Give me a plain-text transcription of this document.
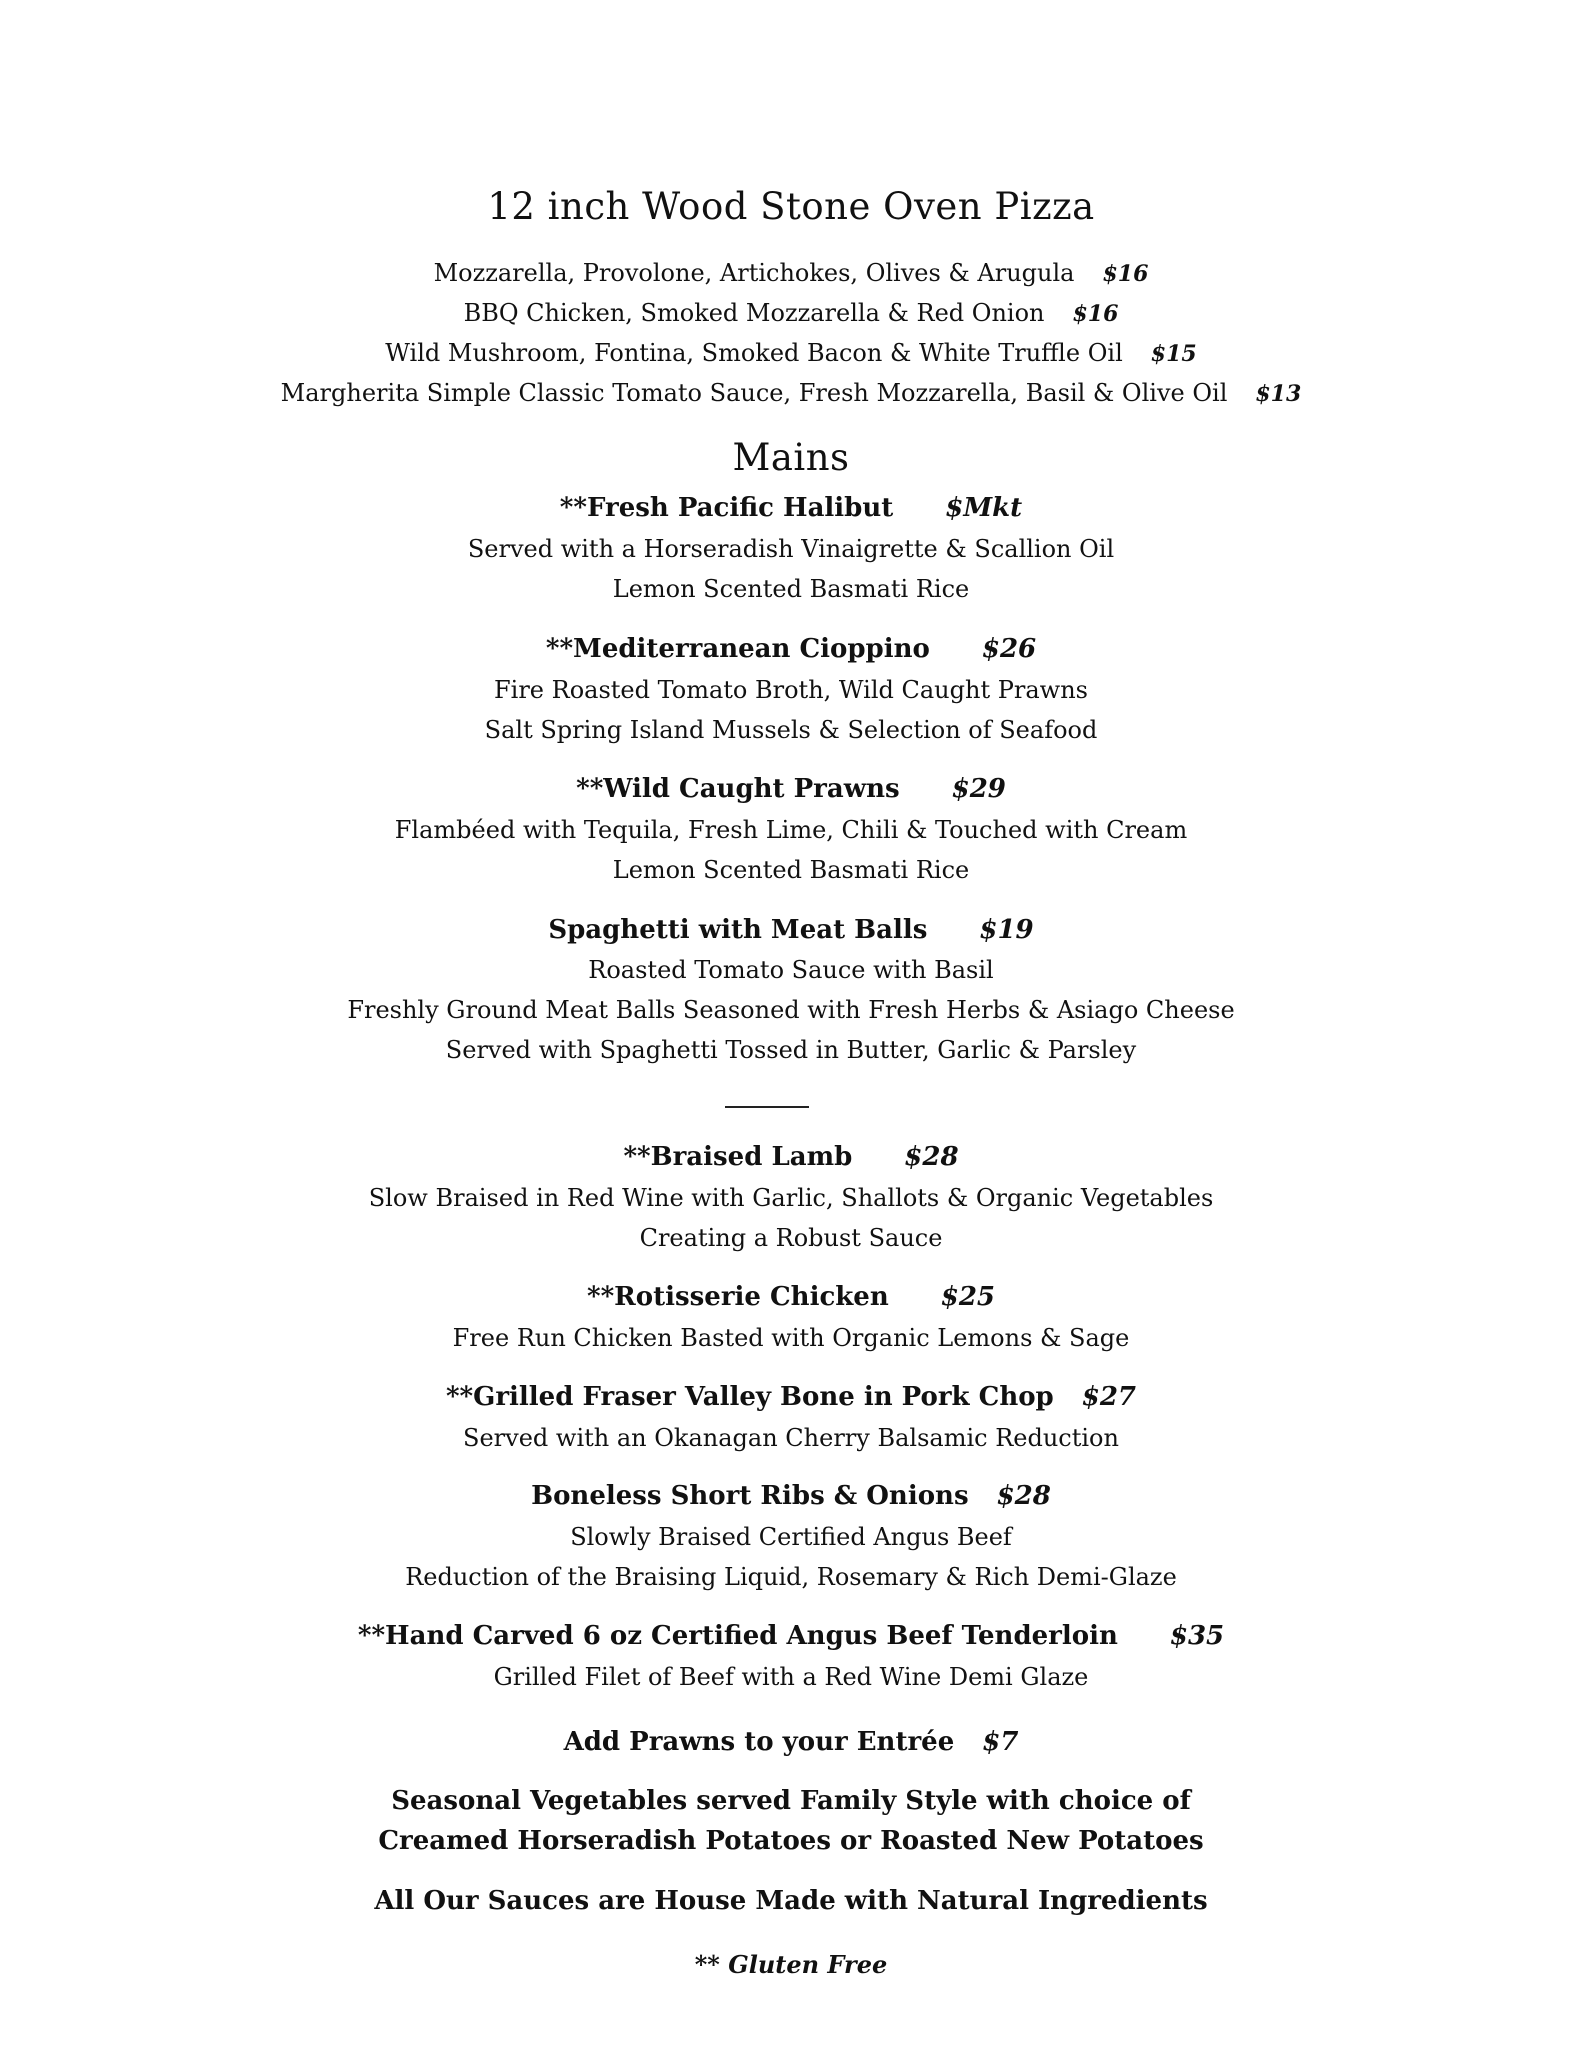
12 inch Wood Stone Oven Pizza
Mozzarella, Provolone, Artichokes, Olives & Arugula $16
BBQ Chicken, Smoked Mozzarella & Red Onion $16
Wild Mushroom, Fontina, Smoked Bacon & White Truffle Oil $15
Margherita Simple Classic Tomato Sauce, Fresh Mozzarella, Basil & Olive Oil $13
Mains
**Fresh Pacific Halibut $Mkt
Served with a Horseradish Vinaigrette & Scallion Oil
Lemon Scented Basmati Rice
**Mediterranean Cioppino $26
Fire Roasted Tomato Broth, Wild Caught Prawns
Salt Spring Island Mussels & Selection of Seafood
**Wild Caught Prawns $29
Flambéed with Tequila, Fresh Lime, Chili & Touched with Cream
Lemon Scented Basmati Rice
Spaghetti with Meat Balls $19
Roasted Tomato Sauce with Basil
Freshly Ground Meat Balls Seasoned with Fresh Herbs & Asiago Cheese
Served with Spaghetti Tossed in Butter, Garlic & Parsley
**Braised Lamb $28
Slow Braised in Red Wine with Garlic, Shallots & Organic Vegetables
Creating a Robust Sauce
**Rotisserie Chicken $25
Free Run Chicken Basted with Organic Lemons & Sage
**Grilled Fraser Valley Bone in Pork Chop $27
Served with an Okanagan Cherry Balsamic Reduction
Boneless Short Ribs & Onions $28
Slowly Braised Certified Angus Beef
Reduction of the Braising Liquid, Rosemary & Rich Demi-Glaze
**Hand Carved 6 oz Certified Angus Beef Tenderloin $35
Grilled Filet of Beef with a Red Wine Demi Glaze
Add Prawns to your Entrée $7
Seasonal Vegetables served Family Style with choice of
Creamed Horseradish Potatoes or Roasted New Potatoes
All Our Sauces are House Made with Natural Ingredients
** Gluten Free
